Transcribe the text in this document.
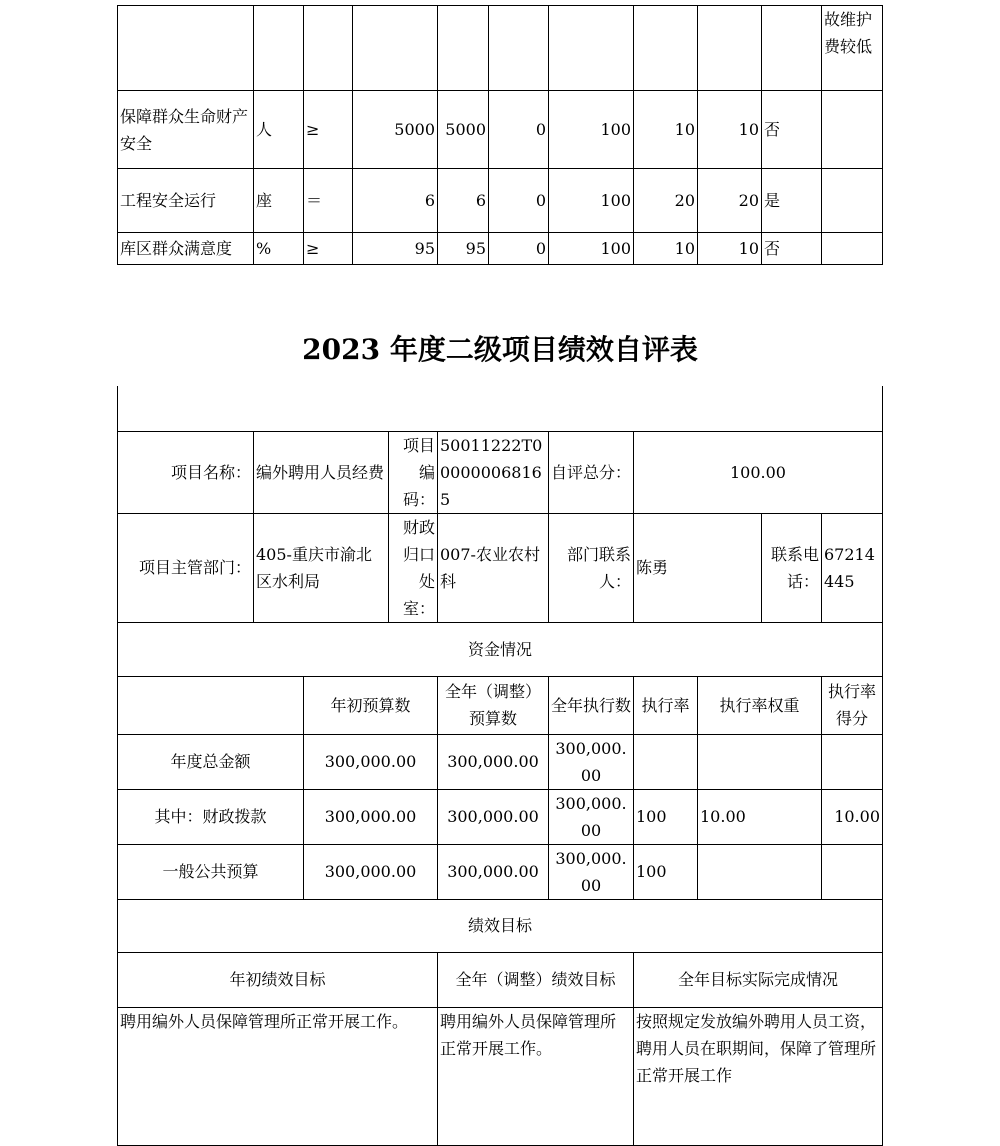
										故维护费较低
保障群众生命财产安全	人	≥	5000	5000	0	100	10	10	否	
工程安全运行	座	＝	6	6	0	100	20	20	是	
库区群众满意度	%	≥	95	95	0	100	10	10	否	
2023 年度二级项目绩效自评表

项目名称：	编外聘用人员经费		项目编码：	50011222T000000068165	自评总分：	100.00			
项目主管部门：	405-重庆市渝北区水利局		财政归口处室：	007-农业农村科	部门联系人：	陈勇		联系电话：	67214445
资金情况									
		年初预算数		全年（调整）预算数	全年执行数	执行率	执行率权重		执行率得分
年度总金额		300,000.00		300,000.00	300,000.00				
其中：财政拨款		300,000.00		300,000.00	300,000.00	100	10.00		10.00
一般公共预算		300,000.00		300,000.00	300,000.00	100			
绩效目标									
年初绩效目标				全年（调整）绩效目标		全年目标实际完成情况			
聘用编外人员保障管理所正常开展工作。				聘用编外人员保障管理所正常开展工作。		按照规定发放编外聘用人员工资，聘用人员在职期间，保障了管理所正常开展工作			
